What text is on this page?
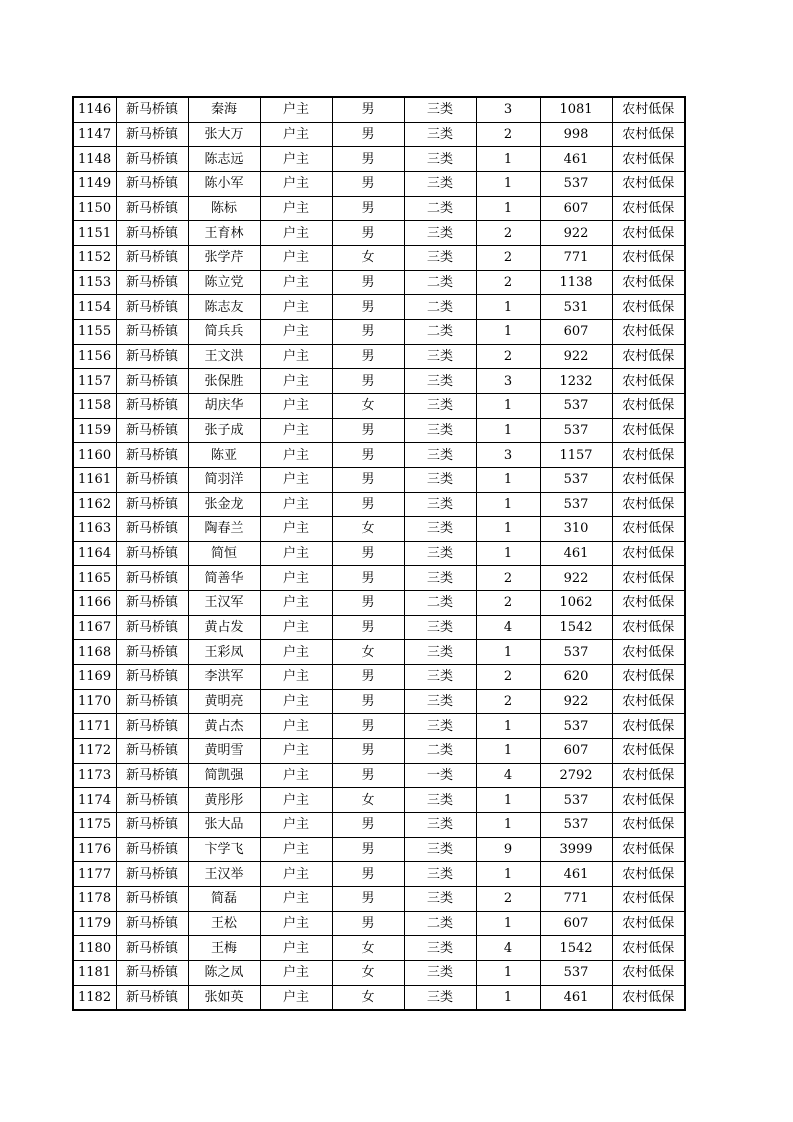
1146	新马桥镇	秦海	户主	男	三类	3	1081	农村低保
1147	新马桥镇	张大万	户主	男	三类	2	998	农村低保
1148	新马桥镇	陈志远	户主	男	三类	1	461	农村低保
1149	新马桥镇	陈小军	户主	男	三类	1	537	农村低保
1150	新马桥镇	陈标	户主	男	二类	1	607	农村低保
1151	新马桥镇	王育林	户主	男	三类	2	922	农村低保
1152	新马桥镇	张学芹	户主	女	三类	2	771	农村低保
1153	新马桥镇	陈立党	户主	男	二类	2	1138	农村低保
1154	新马桥镇	陈志友	户主	男	二类	1	531	农村低保
1155	新马桥镇	简兵兵	户主	男	二类	1	607	农村低保
1156	新马桥镇	王文洪	户主	男	三类	2	922	农村低保
1157	新马桥镇	张保胜	户主	男	三类	3	1232	农村低保
1158	新马桥镇	胡庆华	户主	女	三类	1	537	农村低保
1159	新马桥镇	张子成	户主	男	三类	1	537	农村低保
1160	新马桥镇	陈亚	户主	男	三类	3	1157	农村低保
1161	新马桥镇	简羽洋	户主	男	三类	1	537	农村低保
1162	新马桥镇	张金龙	户主	男	三类	1	537	农村低保
1163	新马桥镇	陶春兰	户主	女	三类	1	310	农村低保
1164	新马桥镇	简恒	户主	男	三类	1	461	农村低保
1165	新马桥镇	简善华	户主	男	三类	2	922	农村低保
1166	新马桥镇	王汉军	户主	男	二类	2	1062	农村低保
1167	新马桥镇	黄占发	户主	男	三类	4	1542	农村低保
1168	新马桥镇	王彩凤	户主	女	三类	1	537	农村低保
1169	新马桥镇	李洪军	户主	男	三类	2	620	农村低保
1170	新马桥镇	黄明亮	户主	男	三类	2	922	农村低保
1171	新马桥镇	黄占杰	户主	男	三类	1	537	农村低保
1172	新马桥镇	黄明雪	户主	男	二类	1	607	农村低保
1173	新马桥镇	简凯强	户主	男	一类	4	2792	农村低保
1174	新马桥镇	黄彤彤	户主	女	三类	1	537	农村低保
1175	新马桥镇	张大品	户主	男	三类	1	537	农村低保
1176	新马桥镇	卞学飞	户主	男	三类	9	3999	农村低保
1177	新马桥镇	王汉举	户主	男	三类	1	461	农村低保
1178	新马桥镇	简磊	户主	男	三类	2	771	农村低保
1179	新马桥镇	王松	户主	男	二类	1	607	农村低保
1180	新马桥镇	王梅	户主	女	三类	4	1542	农村低保
1181	新马桥镇	陈之凤	户主	女	三类	1	537	农村低保
1182	新马桥镇	张如英	户主	女	三类	1	461	农村低保
